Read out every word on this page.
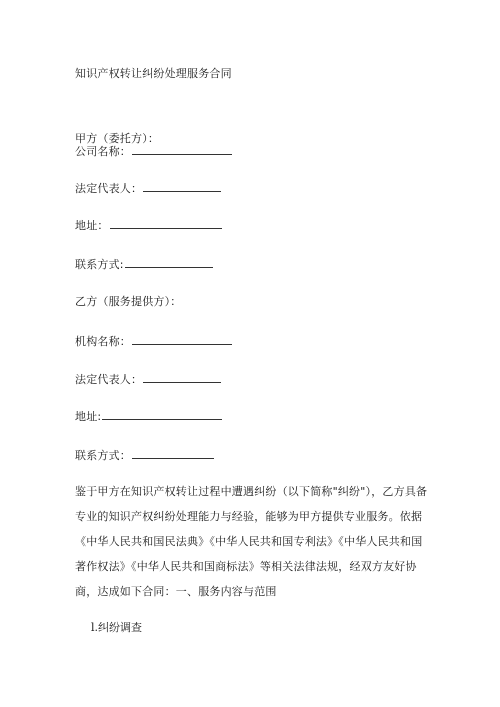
知识产权转让纠纷处理服务合同
甲方（委托方）：
公司名称：
法定代表人：
地址：
联系方式:
乙方（服务提供方）：
机构名称：
法定代表人：
地址:
联系方式：
鉴于甲方在知识产权转让过程中遭遇纠纷（以下简称"纠纷"），乙方具备
专业的知识产权纠纷处理能力与经验，能够为甲方提供专业服务。依据
《中华人民共和国民法典》《中华人民共和国专利法》《中华人民共和国
著作权法》《中华人民共和国商标法》等相关法律法规，经双方友好协
商，达成如下合同：一、服务内容与范围
l.纠纷调查
